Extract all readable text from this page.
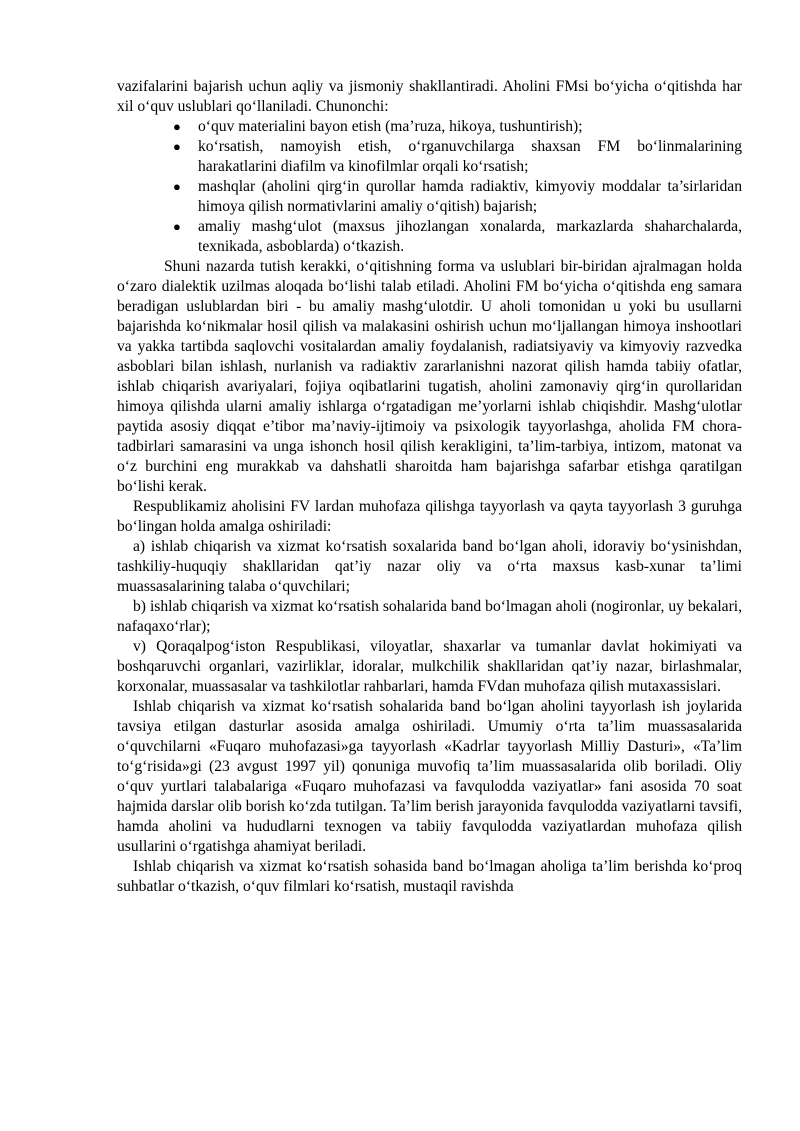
vazifalarini bajarish uchun aqliy va jismoniy shakllantiradi. Aholini FMsi bo‘yicha o‘qitishda har xil o‘quv uslublari qo‘llaniladi. Chunonchi:

● o‘quv materialini bayon etish (ma’ruza, hikoya, tushuntirish);
● ko‘rsatish, namoyish etish, o‘rganuvchilarga shaxsan FM bo‘linmalarining harakatlarini diafilm va kinofilmlar orqali ko‘rsatish;
● mashqlar (aholini qirg‘in qurollar hamda radiaktiv, kimyoviy moddalar ta’sirlaridan himoya qilish normativlarini amaliy o‘qitish) bajarish;
● amaliy mashg‘ulot (maxsus jihozlangan xonalarda, markazlarda shaharchalarda, texnikada, asboblarda) o‘tkazish.

Shuni nazarda tutish kerakki, o‘qitishning forma va uslublari bir-biridan ajralmagan holda o‘zaro dialektik uzilmas aloqada bo‘lishi talab etiladi. Aholini FM bo‘yicha o‘qitishda eng samara beradigan uslublardan biri - bu amaliy mashg‘ulotdir. U aholi tomonidan u yoki bu usullarni bajarishda ko‘nikmalar hosil qilish va malakasini oshirish uchun mo‘ljallangan himoya inshootlari va yakka tartibda saqlovchi vositalardan amaliy foydalanish, radiatsiyaviy va kimyoviy razvedka asboblari bilan ishlash, nurlanish va radiaktiv zararlanishni nazorat qilish hamda tabiiy ofatlar, ishlab chiqarish avariyalari, fojiya oqibatlarini tugatish, aholini zamonaviy qirg‘in qurollaridan himoya qilishda ularni amaliy ishlarga o‘rgatadigan me’yorlarni ishlab chiqishdir. Mashg‘ulotlar paytida asosiy diqqat e’tibor ma’naviy-ijtimoiy va psixologik tayyorlashga, aholida FM chora-tadbirlari samarasini va unga ishonch hosil qilish kerakligini, ta’lim-tarbiya, intizom, matonat va o‘z burchini eng murakkab va dahshatli sharoitda ham bajarishga safarbar etishga qaratilgan bo‘lishi kerak.

Respublikamiz aholisini FV lardan muhofaza qilishga tayyorlash va qayta tayyorlash 3 guruhga bo‘lingan holda amalga oshiriladi:

a) ishlab chiqarish va xizmat ko‘rsatish soxalarida band bo‘lgan aholi, idoraviy bo‘ysinishdan, tashkiliy-huquqiy shakllaridan qat’iy nazar oliy va o‘rta maxsus kasb-xunar ta’limi muassasalarining talaba o‘quvchilari;

b) ishlab chiqarish va xizmat ko‘rsatish sohalarida band bo‘lmagan aholi (nogironlar, uy bekalari, nafaqaxo‘rlar);

v) Qoraqalpog‘iston Respublikasi, viloyatlar, shaxarlar va tumanlar davlat hokimiyati va boshqaruvchi organlari, vazirliklar, idoralar, mulkchilik shakllaridan qat’iy nazar, birlashmalar, korxonalar, muassasalar va tashkilotlar rahbarlari, hamda FVdan muhofaza qilish mutaxassislari.

Ishlab chiqarish va xizmat ko‘rsatish sohalarida band bo‘lgan aholini tayyorlash ish joylarida tavsiya etilgan dasturlar asosida amalga oshiriladi. Umumiy o‘rta ta’lim muassasalarida o‘quvchilarni «Fuqaro muhofazasi»ga tayyorlash «Kadrlar tayyorlash Milliy Dasturi», «Ta’lim to‘g‘risida»gi (23 avgust 1997 yil) qonuniga muvofiq ta’lim muassasalarida olib boriladi. Oliy o‘quv yurtlari talabalariga «Fuqaro muhofazasi va favqulodda vaziyatlar» fani asosida 70 soat hajmida darslar olib borish ko‘zda tutilgan. Ta’lim berish jarayonida favqulodda vaziyatlarni tavsifi, hamda aholini va hududlarni texnogen va tabiiy favqulodda vaziyatlardan muhofaza qilish usullarini o‘rgatishga ahamiyat beriladi.

Ishlab chiqarish va xizmat ko‘rsatish sohasida band bo‘lmagan aholiga ta’lim berishda ko‘proq suhbatlar o‘tkazish, o‘quv filmlari ko‘rsatish, mustaqil ravishda
